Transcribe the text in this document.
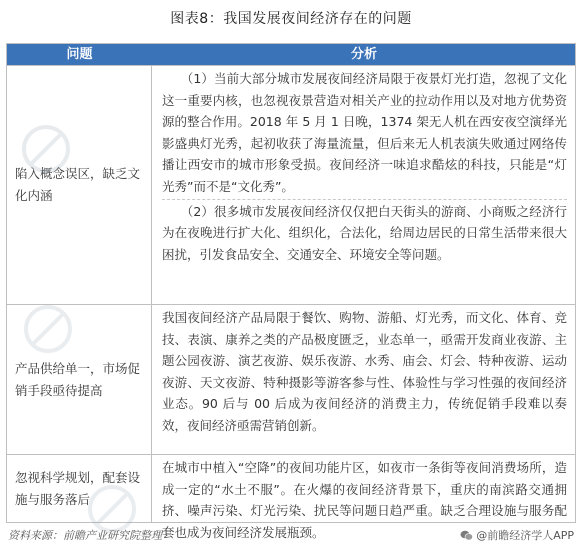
图表8：我国发展夜间经济存在的问题
问题	分析
陷入概念误区，缺乏文化内涵
（1）当前大部分城市发展夜间经济局限于夜景灯光打造，忽视了文化这一重要内核，也忽视夜景营造对相关产业的拉动作用以及对地方优势资源的整合作用。2018 年 5 月 1 日晚，1374 架无人机在西安夜空演绎光影盛典灯光秀，起初收获了海量流量，但后来无人机表演失败通过网络传播让西安市的城市形象受损。夜间经济一味追求酷炫的科技，只能是“灯光秀”而不是“文化秀”。
（2）很多城市发展夜间经济仅仅把白天街头的游商、小商贩之经济行为在夜晚进行扩大化、组织化，合法化，给周边居民的日常生活带来很大困扰，引发食品安全、交通安全、环境安全等问题。
产品供给单一，市场促销手段亟待提高
我国夜间经济产品局限于餐饮、购物、游船、灯光秀，而文化、体育、竞技、表演、康养之类的产品极度匮乏，业态单一，亟需开发商业夜游、主题公园夜游、演艺夜游、娱乐夜游、水秀、庙会、灯会、特种夜游、运动夜游、天文夜游、特种摄影等游客参与性、体验性与学习性强的夜间经济业态。90 后与 00 后成为夜间经济的消费主力，传统促销手段难以奏效，夜间经济亟需营销创新。
忽视科学规划，配套设施与服务落后
在城市中植入“空降”的夜间功能片区，如夜市一条街等夜间消费场所，造成一定的“水土不服”。在火爆的夜间经济背景下，重庆的南滨路交通拥挤、噪声污染、灯光污染、扰民等问题日趋严重。缺乏合理设施与服务配套也成为夜间经济发展瓶颈。
资料来源：前瞻产业研究院整理	@前瞻经济学人APP
